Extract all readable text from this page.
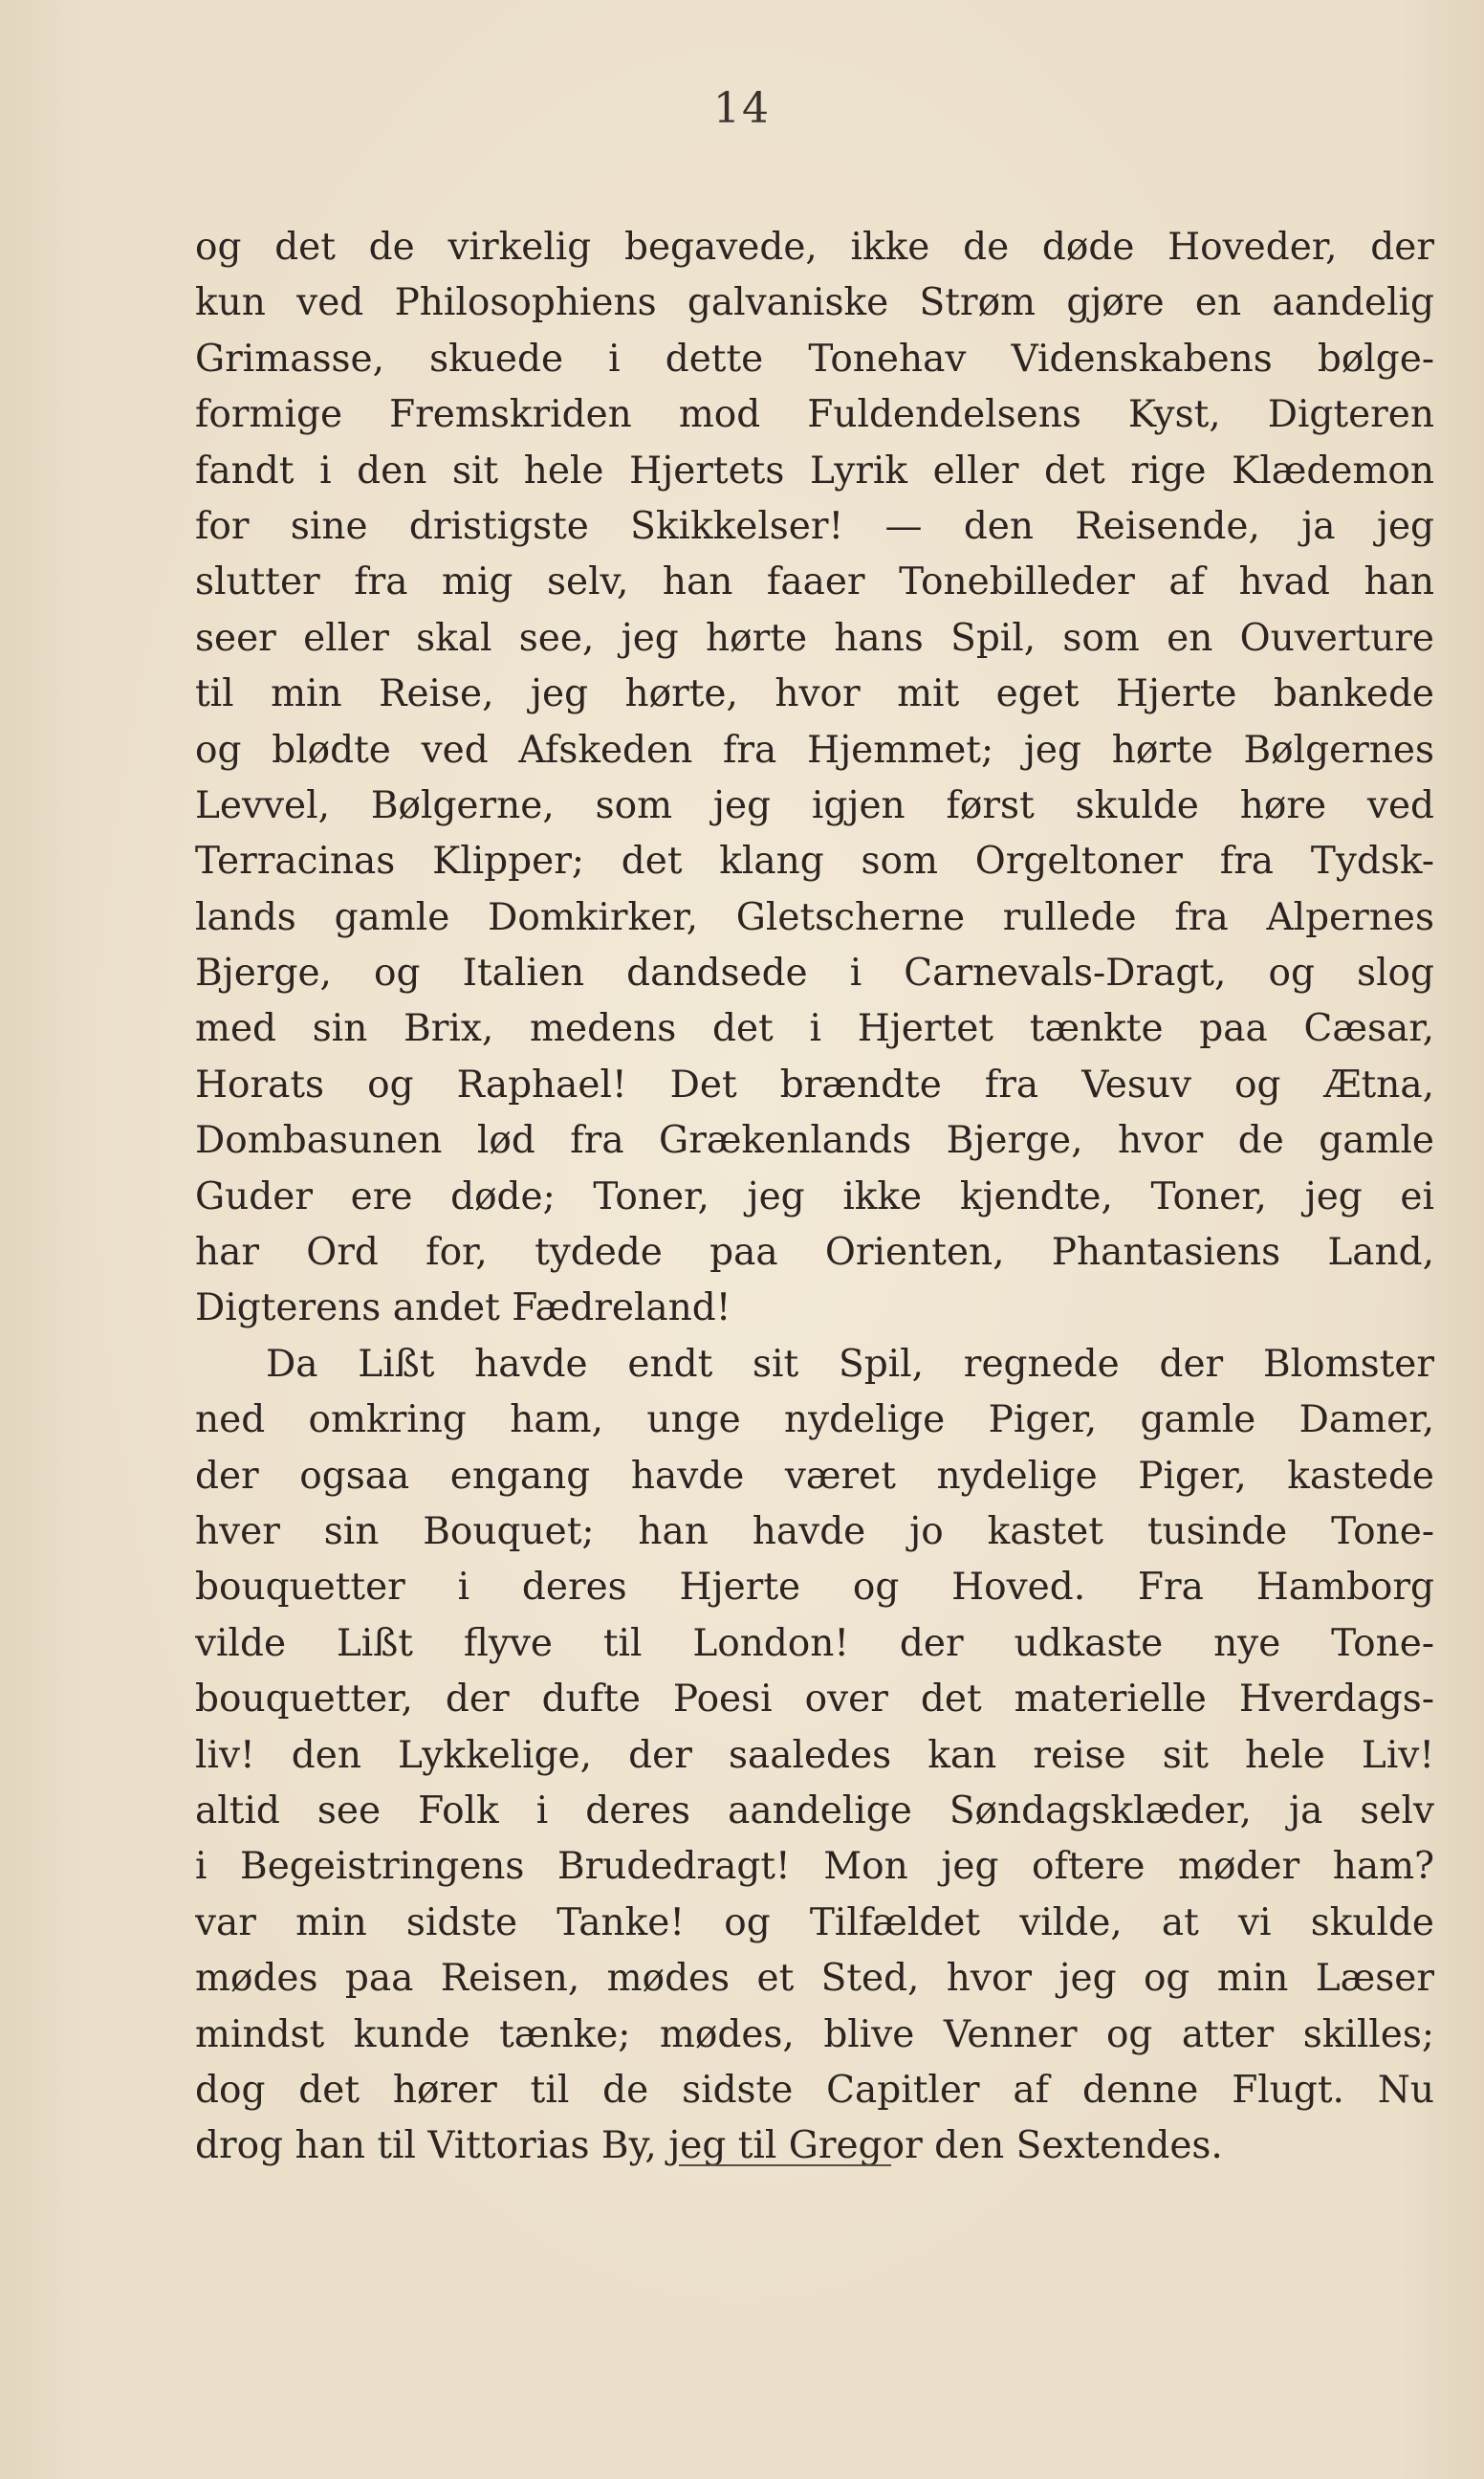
14
og det de virkelig begavede, ikke de døde Hoveder, der
kun ved Philosophiens galvaniske Strøm gjøre en aandelig
Grimasse, skuede i dette Tonehav Videnskabens bølge-
formige Fremskriden mod Fuldendelsens Kyst, Digteren
fandt i den sit hele Hjertets Lyrik eller det rige Klædemon
for sine dristigste Skikkelser! — den Reisende, ja jeg
slutter fra mig selv, han faaer Tonebilleder af hvad han
seer eller skal see, jeg hørte hans Spil, som en Ouverture
til min Reise, jeg hørte, hvor mit eget Hjerte bankede
og blødte ved Afskeden fra Hjemmet; jeg hørte Bølgernes
Levvel, Bølgerne, som jeg igjen først skulde høre ved
Terracinas Klipper; det klang som Orgeltoner fra Tydsk-
lands gamle Domkirker, Gletscherne rullede fra Alpernes
Bjerge, og Italien dandsede i Carnevals-Dragt, og slog
med sin Brix, medens det i Hjertet tænkte paa Cæsar,
Horats og Raphael! Det brændte fra Vesuv og Ætna,
Dombasunen lød fra Grækenlands Bjerge, hvor de gamle
Guder ere døde; Toner, jeg ikke kjendte, Toner, jeg ei
har Ord for, tydede paa Orienten, Phantasiens Land,
Digterens andet Fædreland!
Da Lißt havde endt sit Spil, regnede der Blomster
ned omkring ham, unge nydelige Piger, gamle Damer,
der ogsaa engang havde været nydelige Piger, kastede
hver sin Bouquet; han havde jo kastet tusinde Tone-
bouquetter i deres Hjerte og Hoved. Fra Hamborg
vilde Lißt flyve til London! der udkaste nye Tone-
bouquetter, der dufte Poesi over det materielle Hverdags-
liv! den Lykkelige, der saaledes kan reise sit hele Liv!
altid see Folk i deres aandelige Søndagsklæder, ja selv
i Begeistringens Brudedragt! Mon jeg oftere møder ham?
var min sidste Tanke! og Tilfældet vilde, at vi skulde
mødes paa Reisen, mødes et Sted, hvor jeg og min Læser
mindst kunde tænke; mødes, blive Venner og atter skilles;
dog det hører til de sidste Capitler af denne Flugt. Nu
drog han til Vittorias By, jeg til Gregor den Sextendes.
